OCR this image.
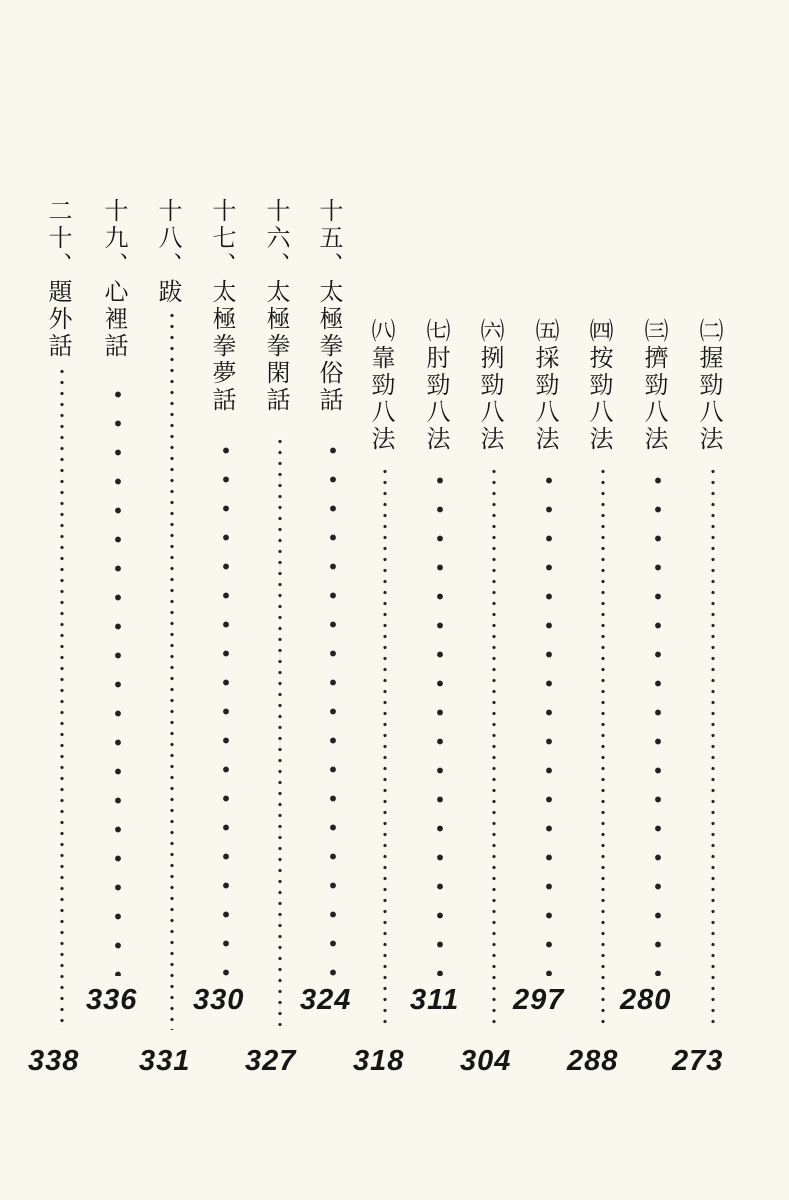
㈡握勁八法
273
㈢擠勁八法
280
㈣按勁八法
288
㈤採勁八法
297
㈥挒勁八法
304
㈦肘勁八法
311
㈧靠勁八法
318
十五、太極拳俗話
324
十六、太極拳閑話
327
十七、太極拳夢話
330
十八、跋
331
十九、心裡話
336
二十、題外話
338
